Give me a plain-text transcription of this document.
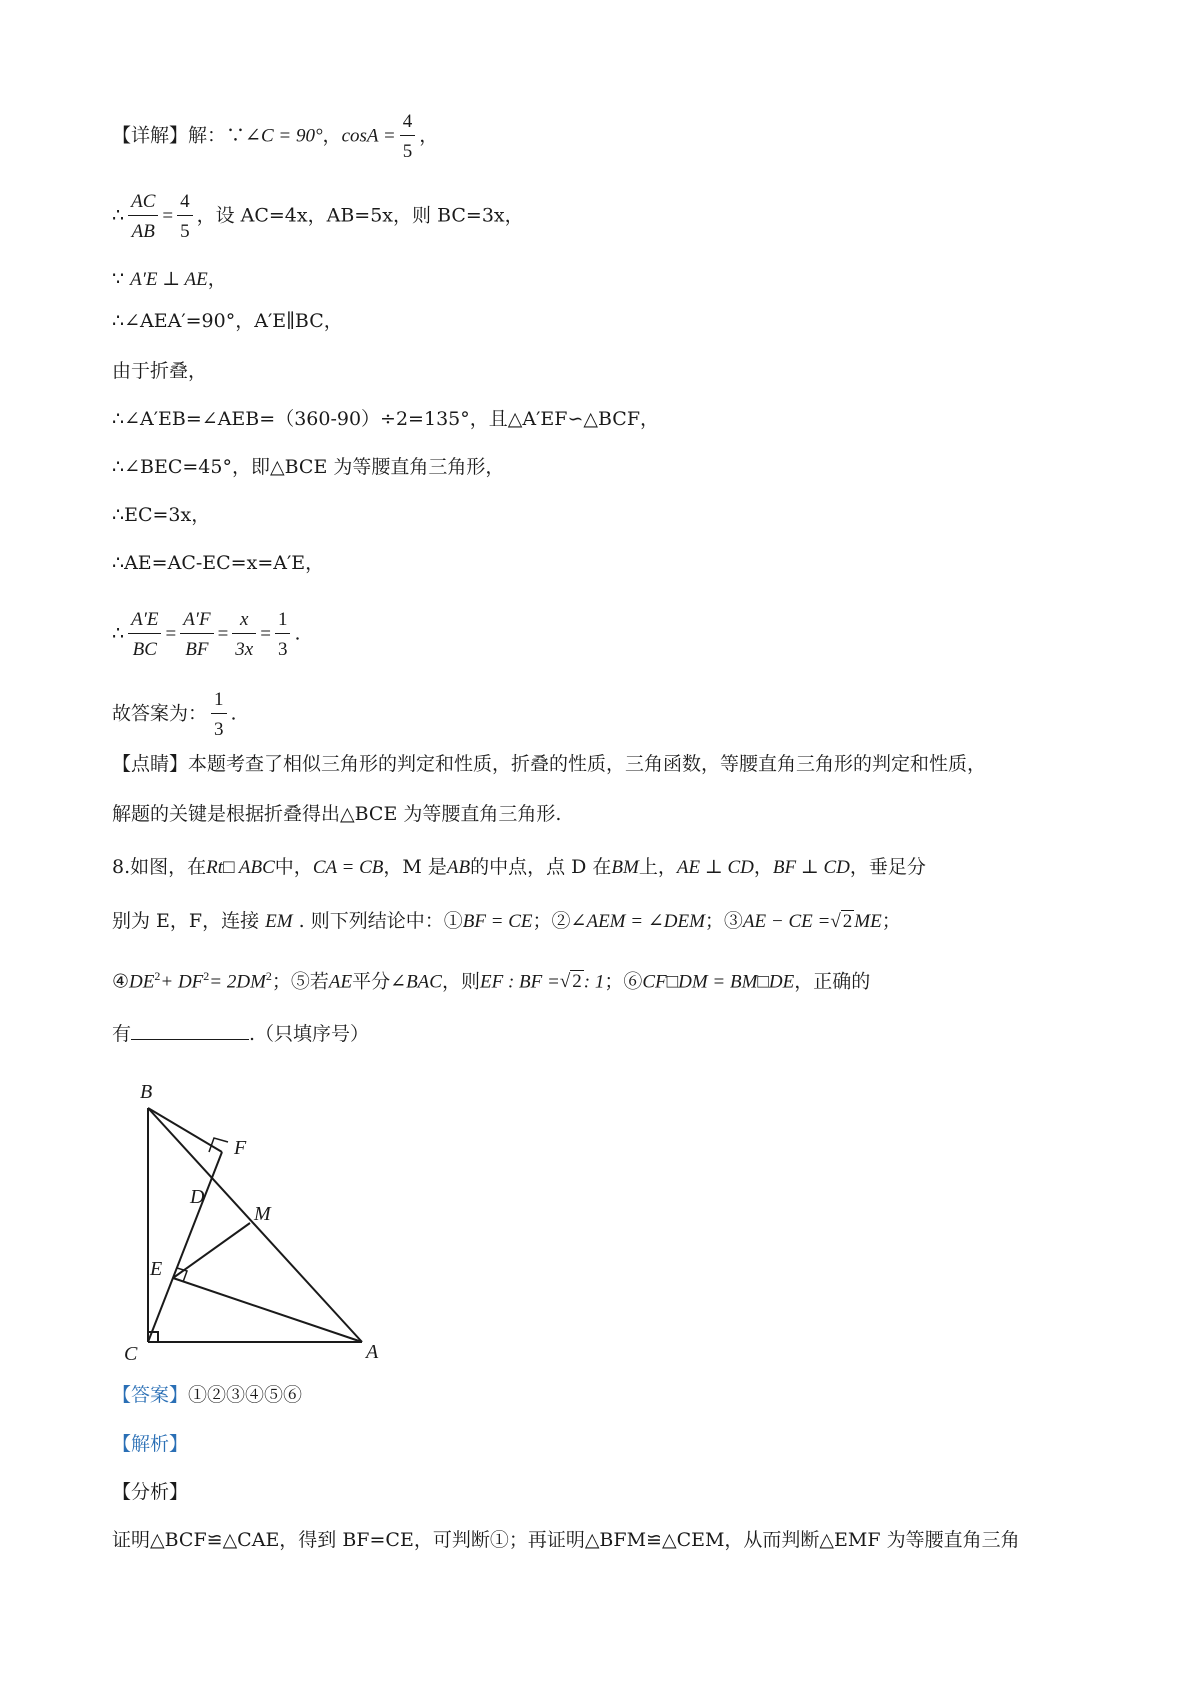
【详解】解：∵∠C = 90°，$\cos A = \frac{4}{5}$ ，
∴ $\frac{AC}{AB} = \frac{4}{5}$ ，设 AC=4x，AB=5x，则 BC=3x，
∵ A′E ⊥ AE，
∴∠AEA′=90°，A′E∥BC，
由于折叠，
∴∠A′EB=∠AEB=（360-90）÷2=135°，且△A′EF∽△BCF，
∴∠BEC=45°，即△BCE 为等腰直角三角形，
∴EC=3x，
∴AE=AC-EC=x=A′E，
∴ $\frac{A'E}{BC} = \frac{A'F}{BF} = \frac{x}{3x} = \frac{1}{3}$ .
故答案为： $\frac{1}{3}$ .
【点睛】本题考查了相似三角形的判定和性质，折叠的性质，三角函数，等腰直角三角形的判定和性质，
解题的关键是根据折叠得出△BCE 为等腰直角三角形.
8.如图，在Rt□ ABC中，CA = CB，M 是AB的中点，点 D 在BM上，AE ⊥ CD，BF ⊥ CD，垂足分
别为 E，F，连接 EM . 则下列结论中：①BF = CE；②∠AEM = ∠DEM；③AE − CE =√ 2 ME；
$④DE^2+ DF^2= 2DM^2$；⑤若AE平分∠BAC，则EF : BF =√ 2 : 1；⑥CF□DM = BM□DE，正确的
有	.（只填序号）
B
F
D
M
E
C	A
【答案】①②③④⑤⑥
【解析】
【分析】
证明△BCF≌△CAE，得到 BF=CE，可判断①；再证明△BFM≌△CEM，从而判断△EMF 为等腰直角三角
